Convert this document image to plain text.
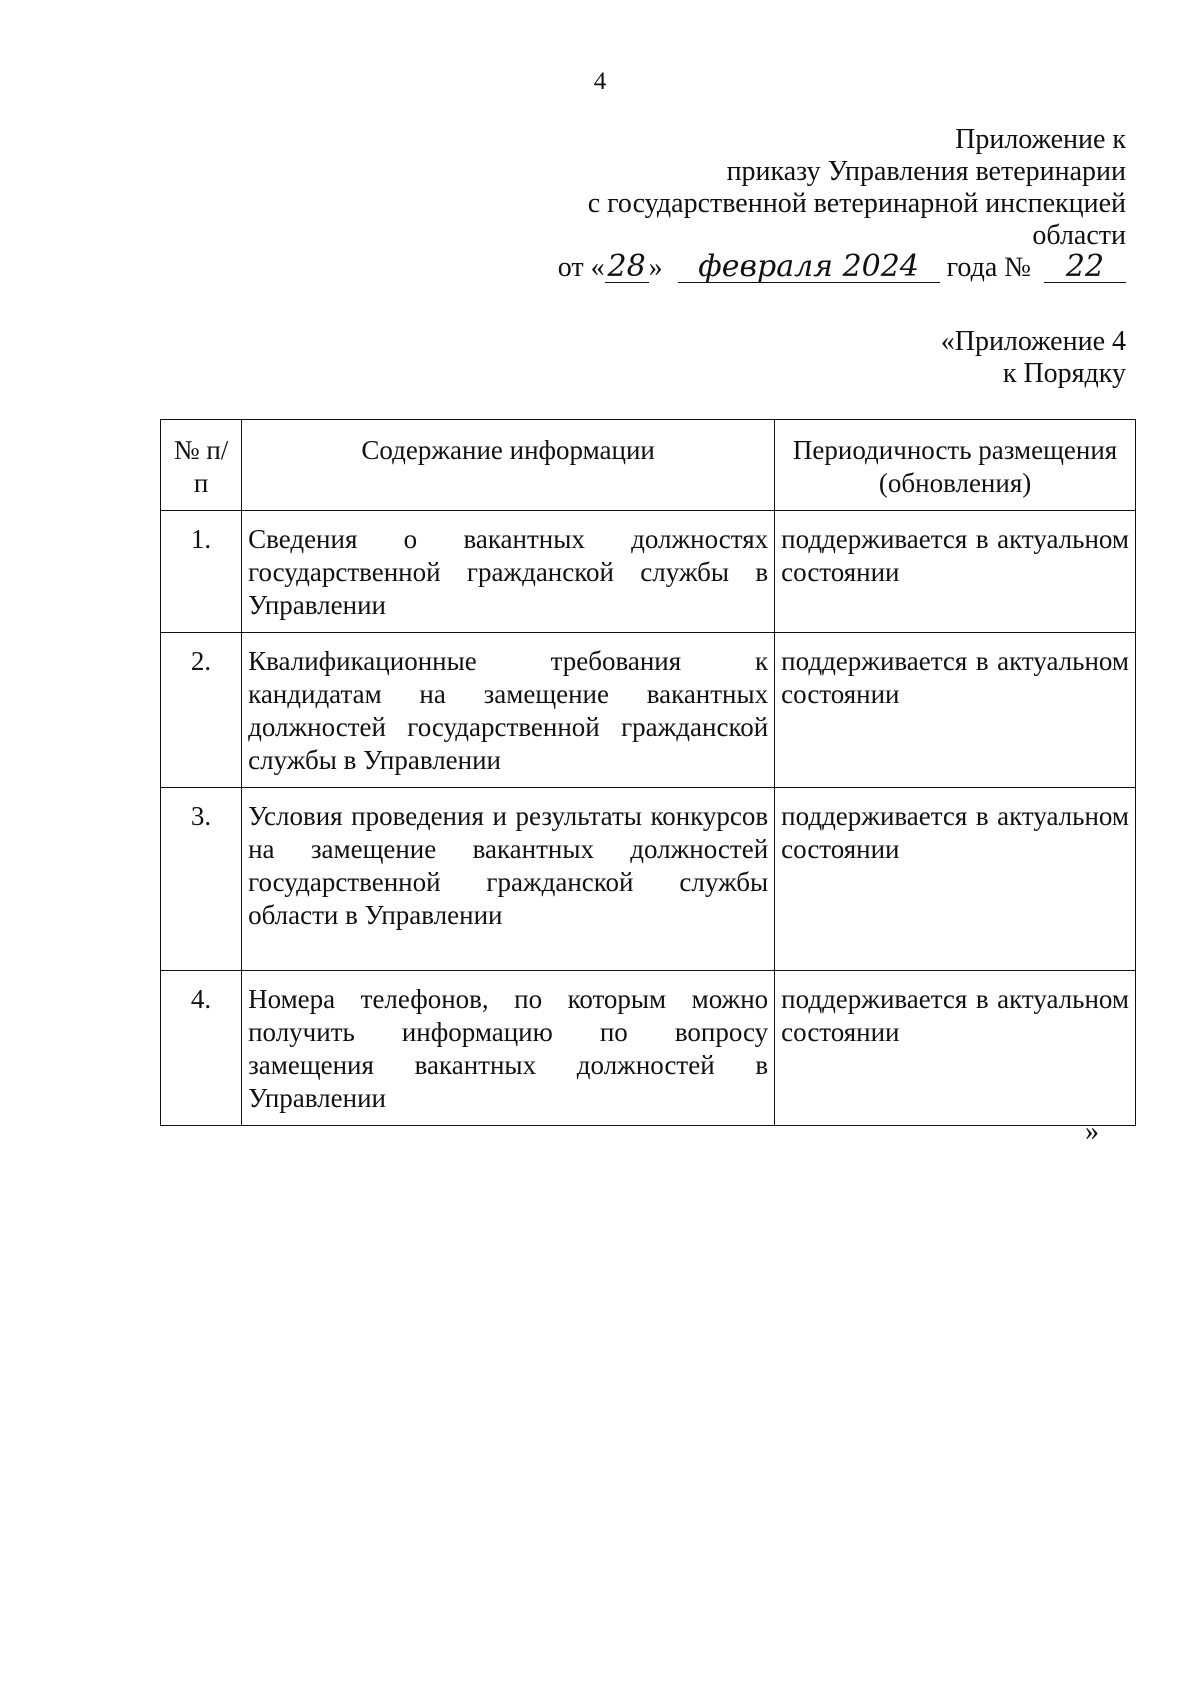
4
Приложение к
приказу Управления ветеринарии
с государственной ветеринарной инспекцией
области
от «28 » февраля 2024 года № 22
«Приложение 4
к Порядку
№ п/п	Содержание информации	Периодичность размещения (обновления)
1.	Сведения о вакантных должностях государственной гражданской службы в Управлении	поддерживается в актуальном состоянии
2.	Квалификационные требования к кандидатам на замещение вакантных должностей государственной гражданской службы в Управлении	поддерживается в актуальном состоянии
3.	Условия проведения и результаты конкурсов на замещение вакантных должностей государственной гражданской службы области в Управлении	поддерживается в актуальном состоянии
4.	Номера телефонов, по которым можно получить информацию по вопросу замещения вакантных должностей в Управлении	поддерживается в актуальном состоянии
»
